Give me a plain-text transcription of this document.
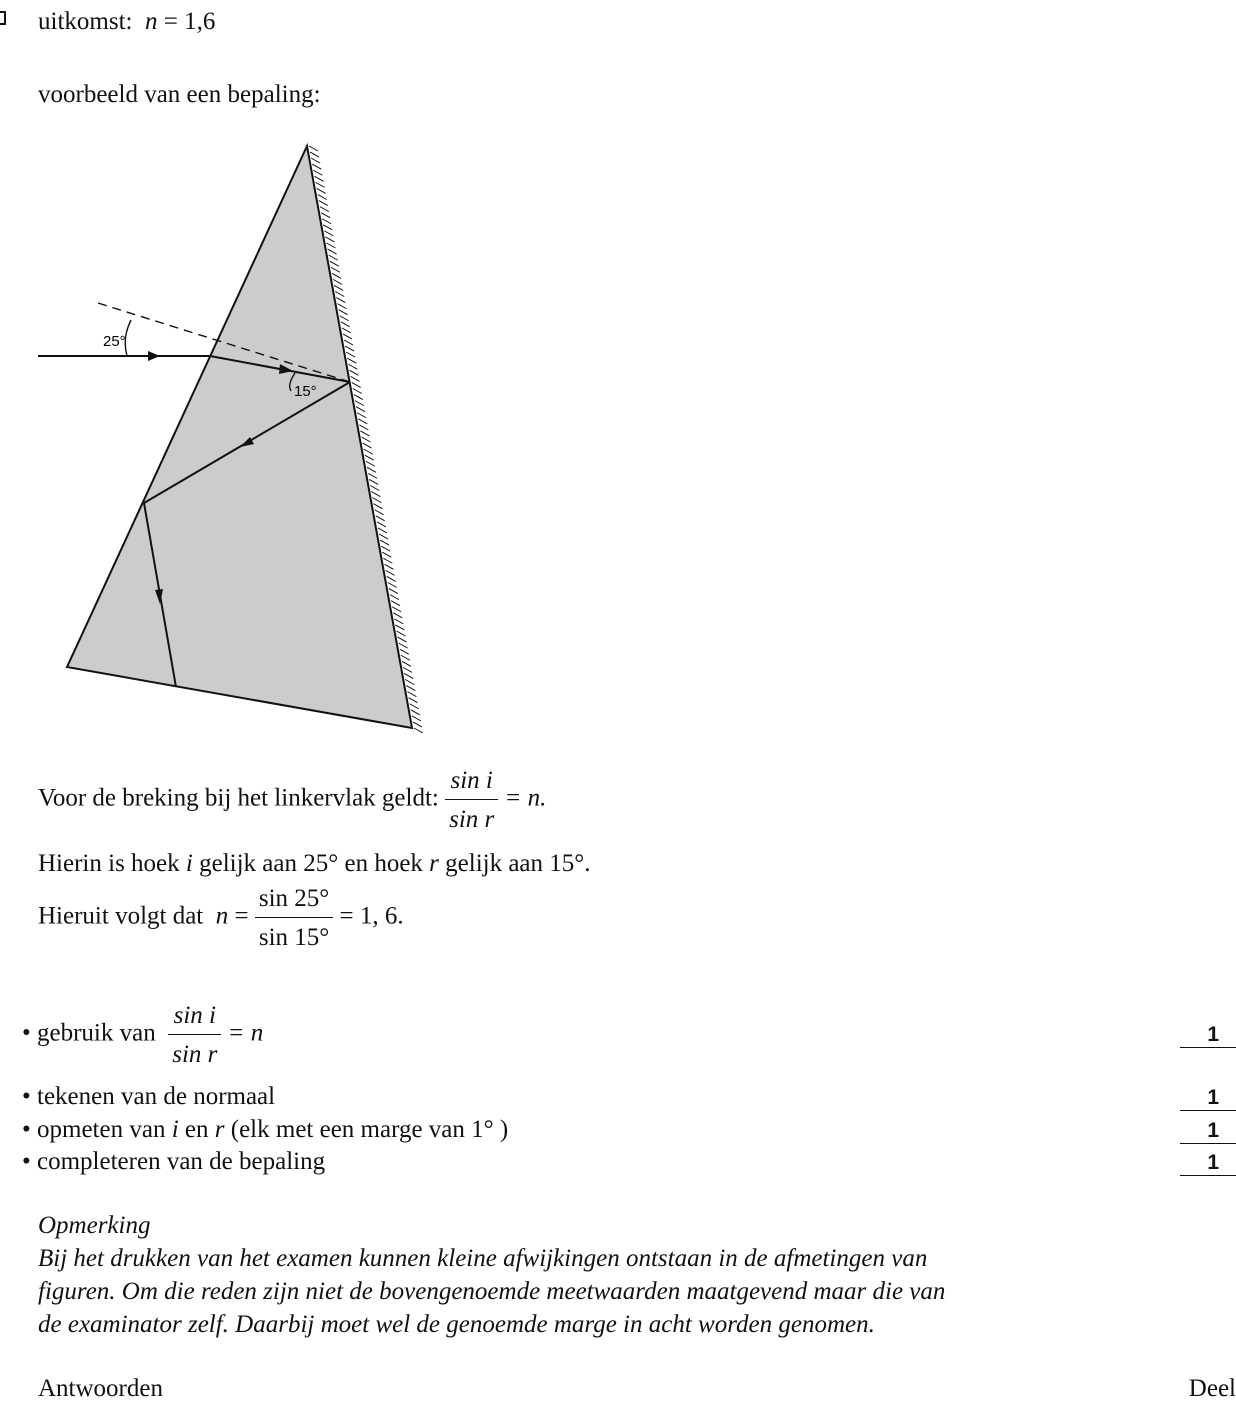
uitkomst: n = 1,6
voorbeeld van een bepaling:
25°
15°
Voor de breking bij het linkervlak geldt: $\frac{\text{sin i}}{\text{sin r}} = n$.
Hierin is hoek i gelijk aan 25° en hoek r gelijk aan 15°.
Hieruit volgt dat $n = \frac{\sin 25^\circ}{\sin 15^\circ} = 1$, 6.
• gebruik van $\frac{\text{sin i}}{\text{sin r}} = n$	1
• tekenen van de normaal	1
• opmeten van i en r (elk met een marge van 1° )	1
• completeren van de bepaling	1
Opmerking
Bij het drukken van het examen kunnen kleine afwijkingen ontstaan in de afmetingen van
figuren. Om die reden zijn niet de bovengenoemde meetwaarden maatgevend maar die van
de examinator zelf. Daarbij moet wel de genoemde marge in acht worden genomen.
Antwoorden	Deel
